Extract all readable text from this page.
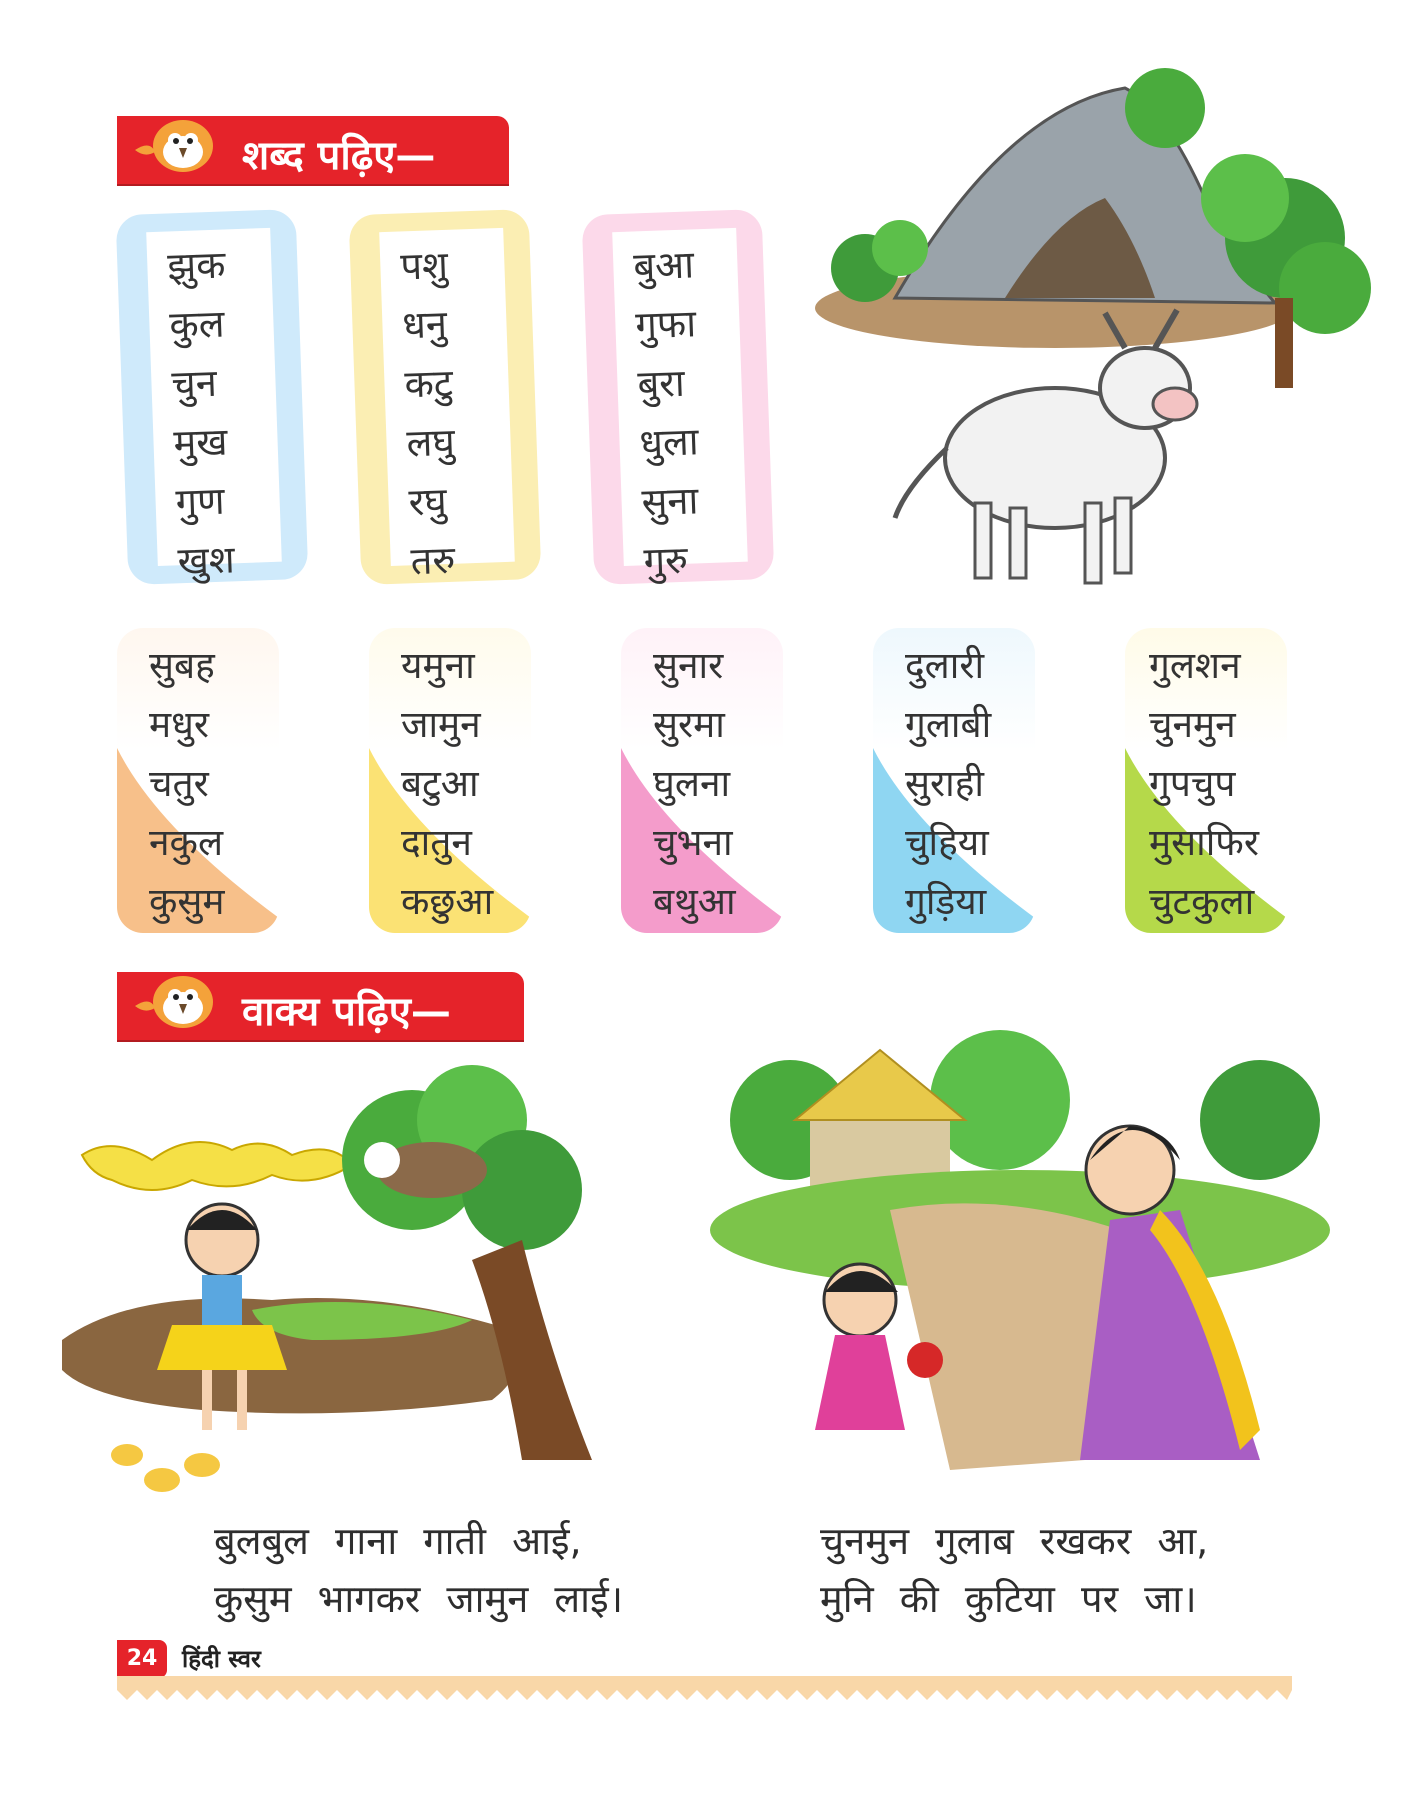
शब्द पढ़िए—
झुक
कुल
चुन
मुख
गुण
खुश
पशु
धनु
कटु
लघु
रघु
तरु
बुआ
गुफा
बुरा
धुला
सुना
गुरु
सुबह
मधुर
चतुर
नकुल
कुसुम
यमुना
जामुन
बटुआ
दातुन
कछुआ
सुनार
सुरमा
घुलना
चुभना
बथुआ
दुलारी
गुलाबी
सुराही
चुहिया
गुड़िया
गुलशन
चुनमुन
गुपचुप
मुसाफिर
चुटकुला
वाक्य पढ़िए—
बुलबुल गाना गाती आई,
कुसुम भागकर जामुन लाई।
चुनमुन गुलाब रखकर आ,
मुनि की कुटिया पर जा।
24	हिंदी स्वर
